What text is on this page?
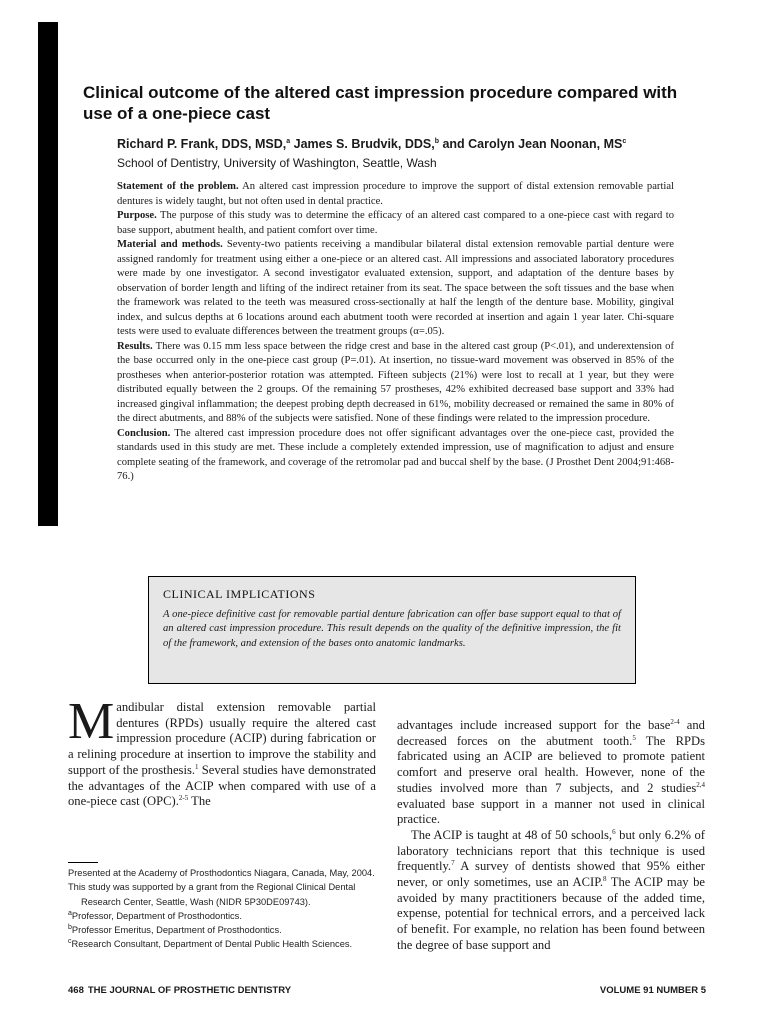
Clinical outcome of the altered cast impression procedure compared with use of a one-piece cast
Richard P. Frank, DDS, MSD,$^a$ James S. Brudvik, DDS,$^b$ and Carolyn Jean Noonan, $MS^c$
School of Dentistry, University of Washington, Seattle, Wash

Statement of the problem. An altered cast impression procedure to improve the support of distal extension removable partial dentures is widely taught, but not often used in dental practice.

Purpose. The purpose of this study was to determine the efficacy of an altered cast compared to a one-piece cast with regard to base support, abutment health, and patient comfort over time.

Material and methods. Seventy-two patients receiving a mandibular bilateral distal extension removable partial denture were assigned randomly for treatment using either a one-piece or an altered cast. All impressions and associated laboratory procedures were made by one investigator. A second investigator evaluated extension, support, and adaptation of the denture bases by observation of border length and lifting of the indirect retainer from its seat. The space between the soft tissues and the base when the framework was related to the teeth was measured cross-sectionally at half the length of the denture base. Mobility, gingival index, and sulcus depths at 6 locations around each abutment tooth were recorded at insertion and again 1 year later. Chi-square tests were used to evaluate differences between the treatment groups (α=.05).

Results. There was 0.15 mm less space between the ridge crest and base in the altered cast group (P<.01), and underextension of the base occurred only in the one-piece cast group (P=.01). At insertion, no tissue-ward movement was observed in 85% of the prostheses when anterior-posterior rotation was attempted. Fifteen subjects (21%) were lost to recall at 1 year, but they were distributed equally between the 2 groups. Of the remaining 57 prostheses, 42% exhibited decreased base support and 33% had increased gingival inflammation; the deepest probing depth decreased in 61%, mobility decreased or remained the same in 80% of the direct abutments, and 88% of the subjects were satisfied. None of these findings were related to the impression procedure.

Conclusion. The altered cast impression procedure does not offer significant advantages over the one-piece cast, provided the standards used in this study are met. These include a completely extended impression, use of magnification to adjust and ensure complete seating of the framework, and coverage of the retromolar pad and buccal shelf by the base. (J Prosthet Dent 2004;91:468-76.)

CLINICAL IMPLICATIONS
A one-piece definitive cast for removable partial denture fabrication can offer base support equal to that of an altered cast impression procedure. This result depends on the quality of the definitive impression, the fit of the framework, and extension of the bases onto anatomic landmarks.

Mandibular distal extension removable partial dentures (RPDs) usually require the altered cast impression procedure (ACIP) during fabrication or a relining procedure at insertion to improve the stability and support of the prosthesis.$^1$ Several studies have demonstrated the advantages of the ACIP when compared with use of a one-piece cast (OPC).$^{2-5}$ The

advantages include increased support for the base$^{2-4}$ and decreased forces on the abutment tooth.$^5$ The RPDs fabricated using an ACIP are believed to promote patient comfort and preserve oral health. However, none of the studies involved more than 7 subjects, and 2 studies$^{2,4}$ evaluated base support in a manner not used in clinical practice.

The ACIP is taught at 48 of 50 schools,$^6$ but only 6.2% of laboratory technicians report that this technique is used frequently.$^7$ A survey of dentists showed that 95% either never, or only sometimes, use an ACIP.$^8$ The ACIP may be avoided by many practitioners because of the added time, expense, potential for technical errors, and a perceived lack of benefit. For example, no relation has been found between the degree of base support and

Presented at the Academy of Prosthodontics Niagara, Canada, May, 2004.

This study was supported by a grant from the Regional Clinical Dental Research Center, Seattle, Wash (NIDR 5P30DE09743).

$^a$Professor, Department of Prosthodontics.

$^b$Professor Emeritus, Department of Prosthodontics.

$^c$Research Consultant, Department of Dental Public Health Sciences.

468 THE JOURNAL OF PROSTHETIC DENTISTRY	VOLUME 91 NUMBER 5
